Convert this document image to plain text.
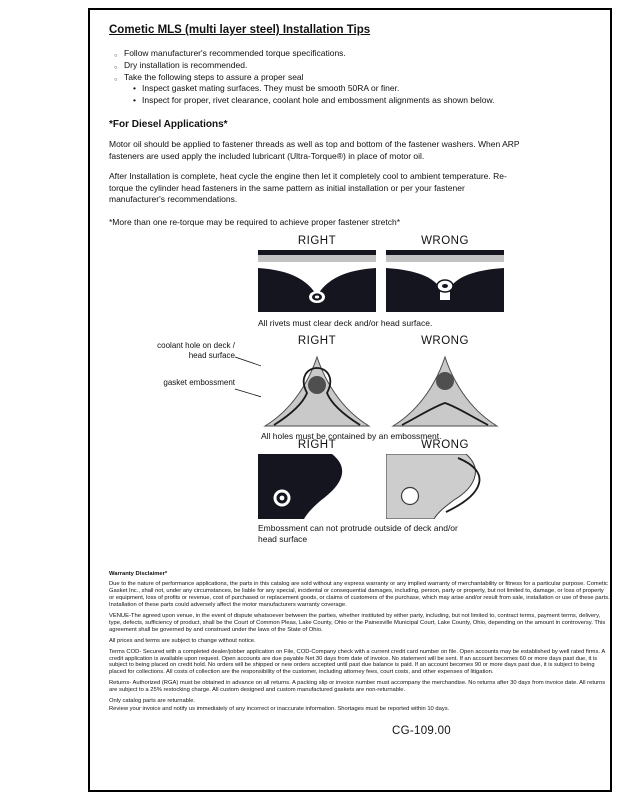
Cometic MLS (multi layer steel) Installation Tips
○ Follow manufacturer's recommended torque specifications.
○ Dry installation is recommended.
○ Take the following steps to assure a proper seal
• Inspect gasket mating surfaces. They must be smooth 50RA or finer.
• Inspect for proper, rivet clearance, coolant hole and embossment alignments as shown below.
*For Diesel Applications*

Motor oil should be applied to fastener threads as well as top and bottom of the fastener washers. When ARP fasteners are used apply the included lubricant (Ultra-Torque®) in place of motor oil.

After Installation is complete, heat cycle the engine then let it completely cool to ambient temperature. Re-torque the cylinder head fasteners in the same pattern as initial installation or per your fastener manufacturer's recommendations.

*More than one re-torque may be required to achieve proper fastener stretch*

RIGHT	WRONG
All rivets must clear deck and/or head surface.
RIGHT	WRONG
coolant hole on deck / head surface
gasket embossment
All holes must be contained by an embossment.
RIGHT	WRONG
Embossment can not protrude outside of deck and/or head surface

Warranty Disclaimer*

Due to the nature of performance applications, the parts in this catalog are sold without any express warranty or any implied warranty of merchantability or fitness for a particular purpose. Cometic Gasket Inc., shall not, under any circumstances, be liable for any special, incidental or consequential damages, including, person, party or property, but not limited to, damage, or loss of property or equipment, loss of profits or revenue, cost of purchased or replacement goods, or claims of customers of the purchase, which may arise and/or result from sale, installation or use of these parts. Installation of these parts could adversely affect the motor manufacturers warranty coverage.

VENUE-The agreed upon venue, in the event of dispute whatsoever between the parties, whether instituted by either party, including, but not limited to, contract terms, payment terms, delivery, type, defects, sufficiency of product, shall be the Court of Common Pleas, Lake County, Ohio or the Painesville Municipal Court, Lake County, Ohio, depending on the amount in controversy. This agreement shall be governed by and construed under the laws of the State of Ohio.

All prices and terms are subject to change without notice.

Terms COD- Secured with a completed dealer/jobber application on File, COD-Company check with a current credit card number on file. Open accounts may be established by well rated firms. A credit application is available upon request. Open accounts are due payable Net 30 days from date of invoice. No statement will be sent. If an account becomes 60 or more days past due, it is subject to being placed on credit hold. No orders will be shipped or new orders accepted until past due balance is paid. If an account becomes 90 or more days past due, it is subject to being placed for collections. All costs of collection are the responsibility of the customer, including attorney fees, court costs, and other expenses of litigation.

Returns- Authorized (RGA) must be obtained in advance on all returns. A packing slip or invoice number must accompany the merchandise. No returns after 30 days from invoice date. All returns are subject to a 25% restocking charge. All custom designed and custom manufactured gaskets are non-returnable.

Only catalog parts are returnable.

Review your invoice and notify us immediately of any incorrect or inaccurate information. Shortages must be reported within 10 days.

CG-109.00
